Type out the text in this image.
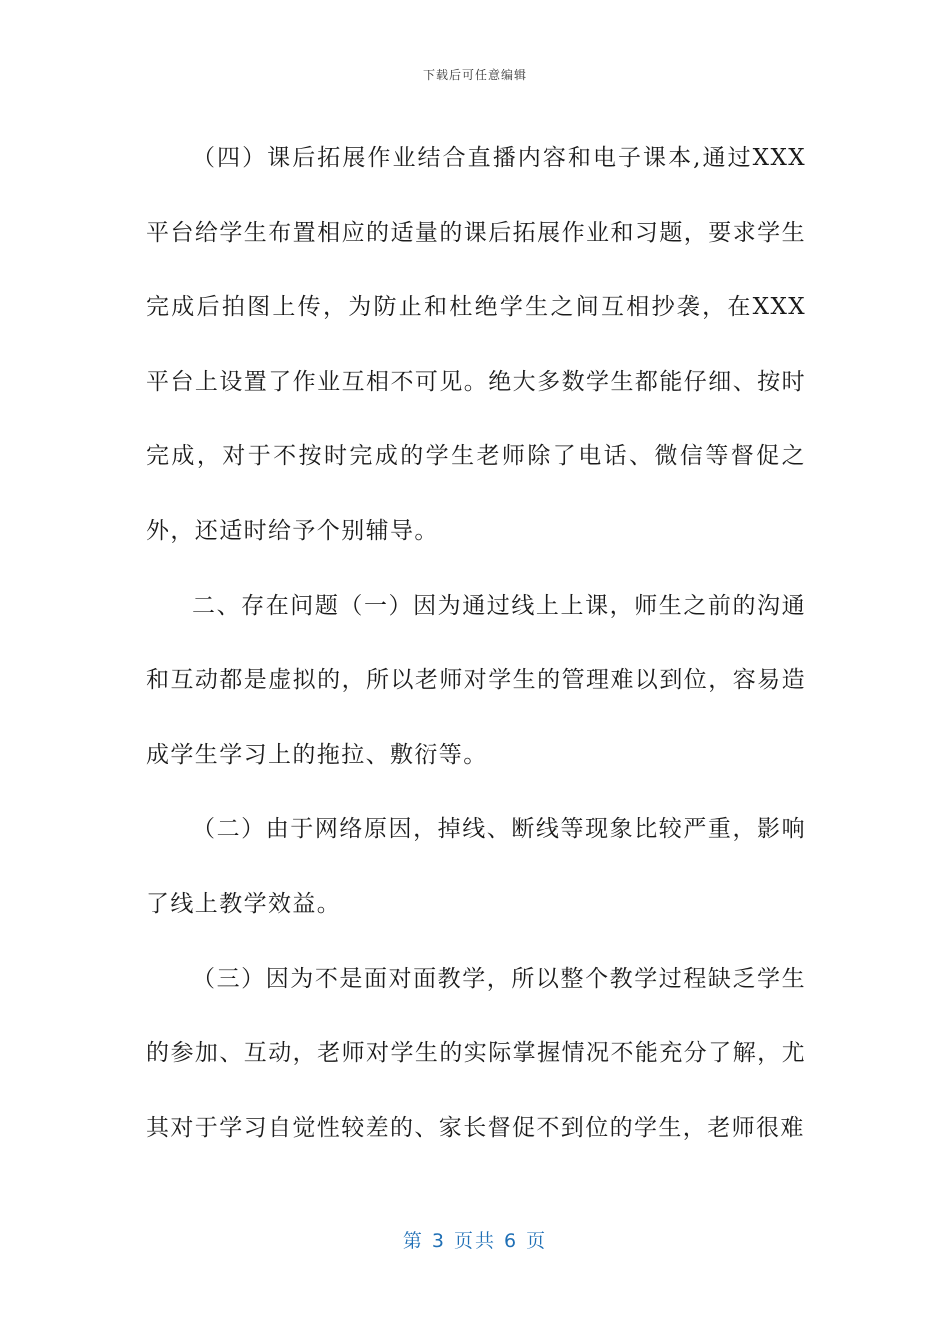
下载后可任意编辑

（四）课后拓展作业结合直播内容和电子课本,通过XXX平台给学生布置相应的适量的课后拓展作业和习题，要求学生完成后拍图上传，为防止和杜绝学生之间互相抄袭，在XXX平台上设置了作业互相不可见。绝大多数学生都能仔细、按时完成，对于不按时完成的学生老师除了电话、微信等督促之外，还适时给予个别辅导。

二、存在问题（一）因为通过线上上课，师生之前的沟通和互动都是虚拟的，所以老师对学生的管理难以到位，容易造成学生学习上的拖拉、敷衍等。

（二）由于网络原因，掉线、断线等现象比较严重，影响了线上教学效益。

（三）因为不是面对面教学，所以整个教学过程缺乏学生的参加、互动，老师对学生的实际掌握情况不能充分了解，尤其对于学习自觉性较差的、家长督促不到位的学生，老师很难

第 3 页共 6 页
